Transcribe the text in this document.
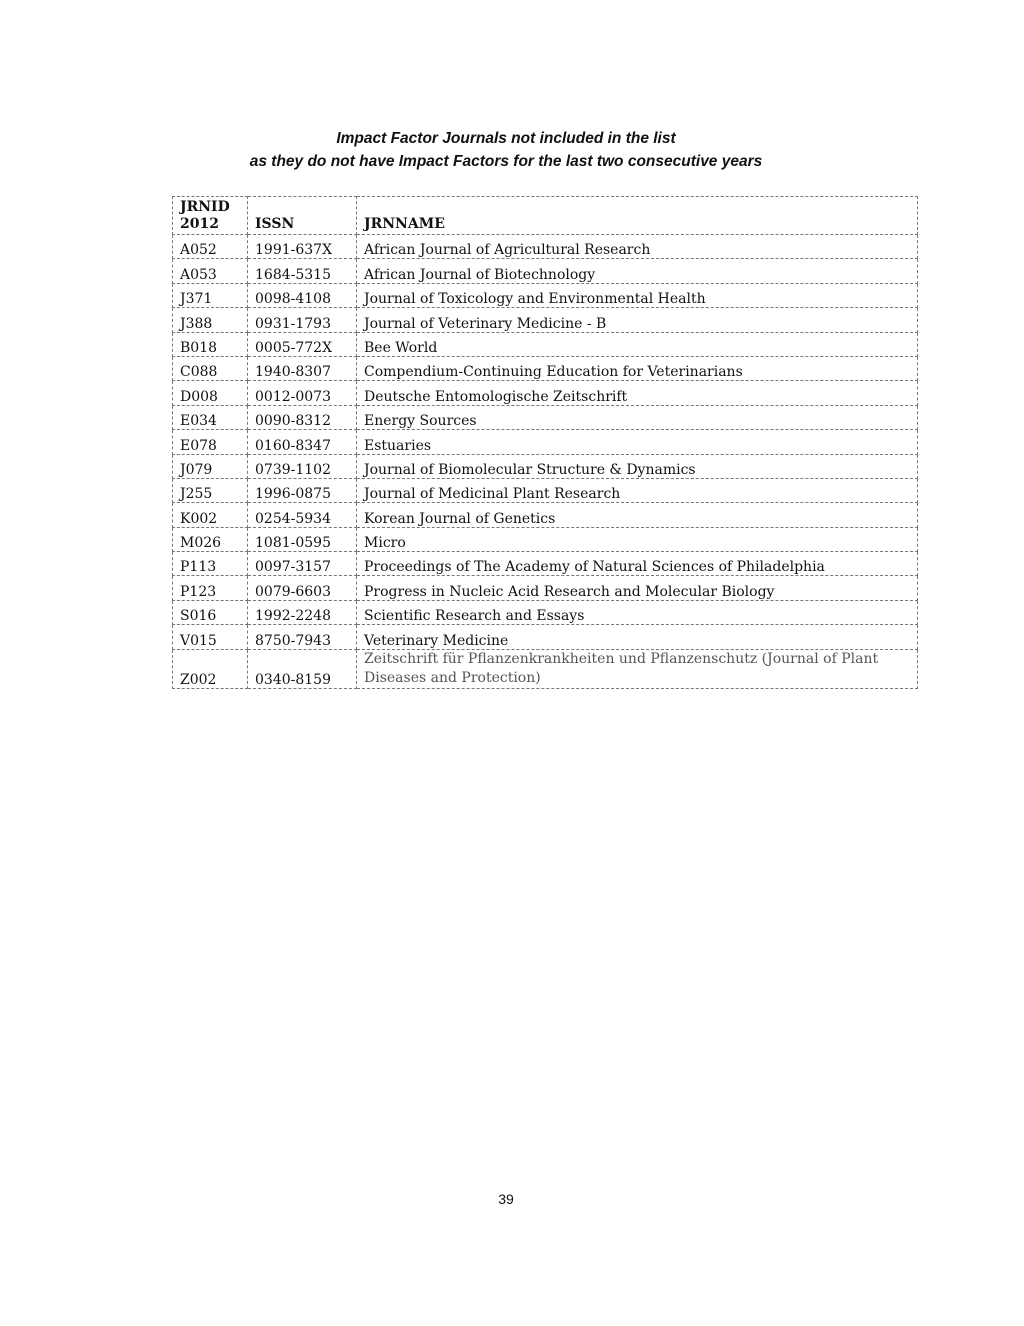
Impact Factor Journals not included in the list
as they do not have Impact Factors for the last two consecutive years
JRNID
2012	ISSN	JRNNAME
A052	1991-637X	African Journal of Agricultural Research
A053	1684-5315	African Journal of Biotechnology
J371	0098-4108	Journal of Toxicology and Environmental Health
J388	0931-1793	Journal of Veterinary Medicine - B
B018	0005-772X	Bee World
C088	1940-8307	Compendium-Continuing Education for Veterinarians
D008	0012-0073	Deutsche Entomologische Zeitschrift
E034	0090-8312	Energy Sources
E078	0160-8347	Estuaries
J079	0739-1102	Journal of Biomolecular Structure & Dynamics
J255	1996-0875	Journal of Medicinal Plant Research
K002	0254-5934	Korean Journal of Genetics
M026	1081-0595	Micro
P113	0097-3157	Proceedings of The Academy of Natural Sciences of Philadelphia
P123	0079-6603	Progress in Nucleic Acid Research and Molecular Biology
S016	1992-2248	Scientific Research and Essays
V015	8750-7943	Veterinary Medicine
Z002	0340-8159	Zeitschrift für Pflanzenkrankheiten und Pflanzenschutz (Journal of Plant Diseases and Protection)
39
